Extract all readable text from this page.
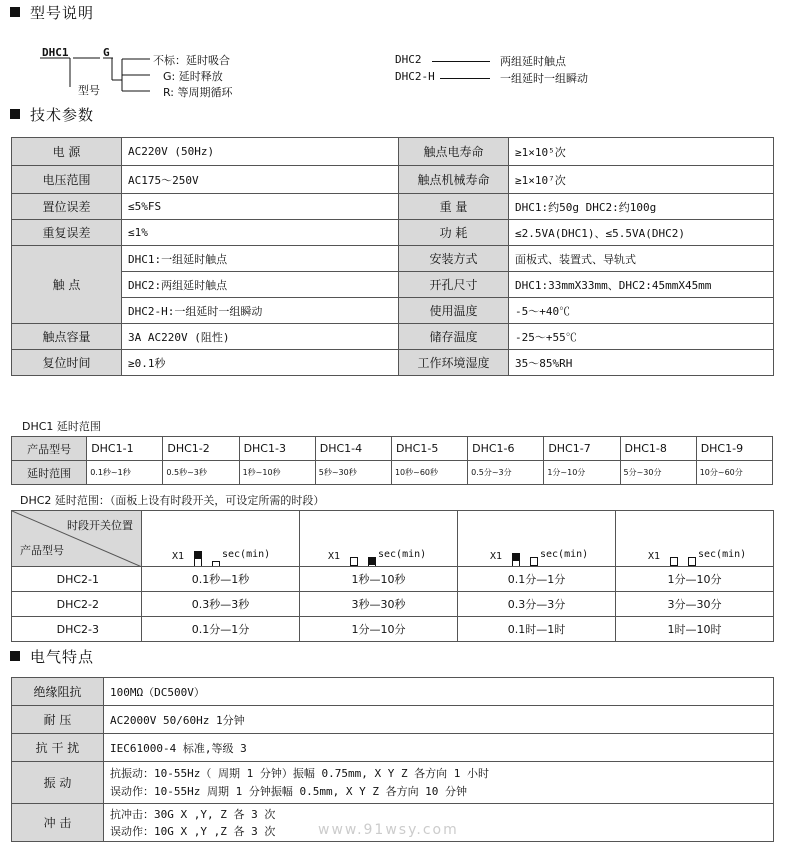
型号说明
DHC1	G
型号
不标：延时吸合
G: 延时释放
R: 等周期循环
DHC2	两组延时触点
DHC2-H	一组延时一组瞬动
技术参数
电 源	AC220V (50Hz)	触点电寿命	≥1×10⁵次
电压范围	AC175～250V	触点机械寿命	≥1×10⁷次
置位误差	≤5%FS	重 量	DHC1:约50g DHC2:约100g
重复误差	≤1%	功 耗	≤2.5VA(DHC1)、≤5.5VA(DHC2)
触 点	DHC1:一组延时触点	安装方式	面板式、装置式、导轨式
	DHC2:两组延时触点	开孔尺寸	DHC1:33mmX33mm、DHC2:45mmX45mm
	DHC2-H:一组延时一组瞬动	使用温度	-5～+40℃
触点容量	3A AC220V (阻性)	储存温度	-25～+55℃
复位时间	≥0.1秒	工作环境湿度	35～85%RH
DHC1 延时范围
产品型号	DHC1-1	DHC1-2	DHC1-3	DHC1-4	DHC1-5	DHC1-6	DHC1-7	DHC1-8	DHC1-9
延时范围	0.1秒~1秒	0.5秒~3秒	1秒~10秒	5秒~30秒	10秒~60秒	0.5分~3分	1分~10分	5分~30分	10分~60分
DHC2 延时范围：（面板上设有时段开关，可设定所需的时段）
时段开关位置
产品型号	X1 sec(min)	X1 sec(min)	X1 sec(min)	X1 sec(min)

DHC2-1	0.1秒—1秒	1秒—10秒	0.1分—1分	1分—10分
DHC2-2	0.3秒—3秒	3秒—30秒	0.3分—3分	3分—30分
DHC2-3	0.1分—1分	1分—10分	0.1时—1时	1时—10时
电气特点
绝缘阻抗	100MΩ（DC500V）
耐 压	AC2000V 50/60Hz 1分钟
抗 干 扰	IEC61000-4 标准,等级 3
振 动	抗振动：10-55Hz（ 周期 1 分钟）振幅 0.75mm, X Y Z 各方向 1 小时
误动作：10-55Hz 周期 1 分钟振幅 0.5mm, X Y Z 各方向 10 分钟

冲 击	抗冲击：30G X ,Y, Z 各 3 次
误动作：10G X ,Y ,Z 各 3 次	www.91wsy.com
